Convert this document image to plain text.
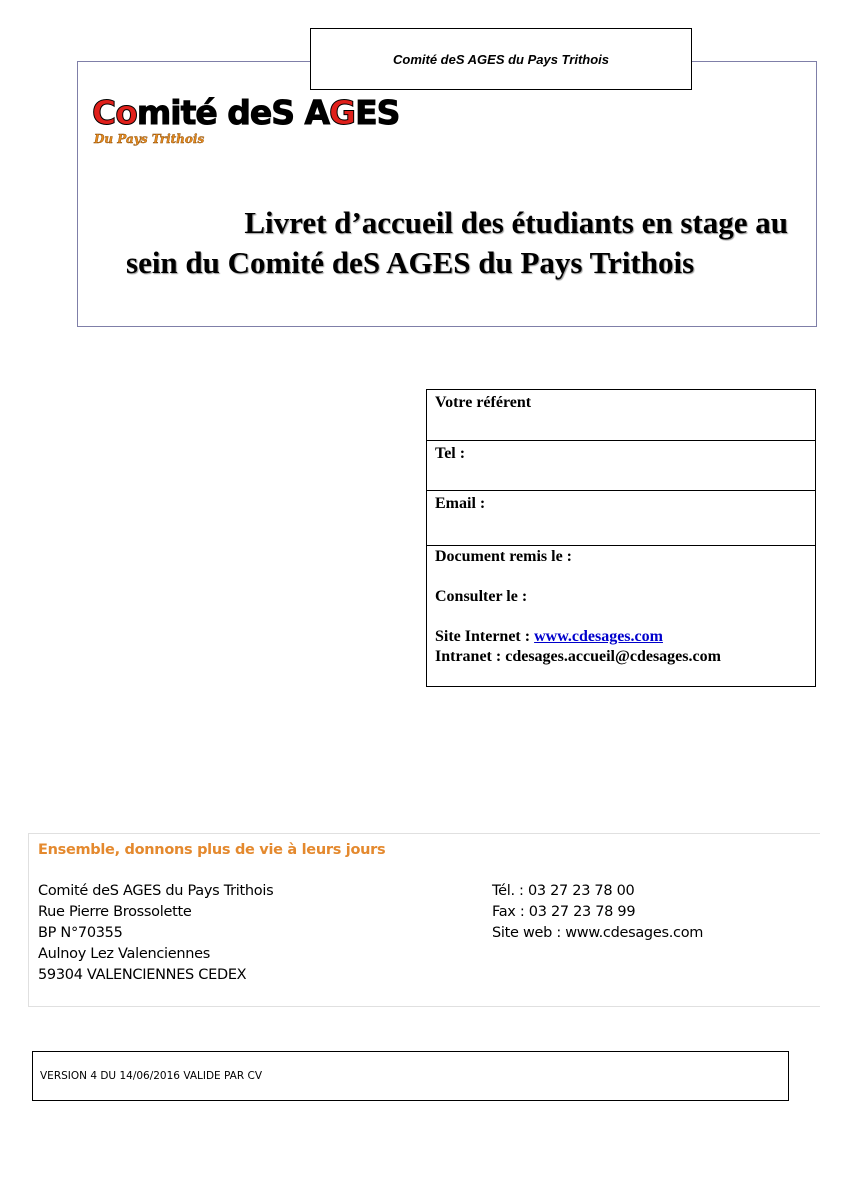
Comité deS AGES du Pays Trithois
Comité deS AGES
Du Pays Trithois
Livret d’accueil des étudiants en stage au
sein du Comité deS AGES du Pays Trithois
Votre référent
Tel :
Email :
Document remis le :
Consulter le :
Site Internet : www.cdesages.com
Intranet : cdesages.accueil@cdesages.com
Ensemble, donnons plus de vie à leurs jours
Comité deS AGES du Pays Trithois
Rue Pierre Brossolette
BP N°70355
Aulnoy Lez Valenciennes
59304 VALENCIENNES CEDEX
Tél. : 03 27 23 78 00
Fax : 03 27 23 78 99
Site web : www.cdesages.com
VERSION 4 DU 14/06/2016 VALIDE PAR CV
